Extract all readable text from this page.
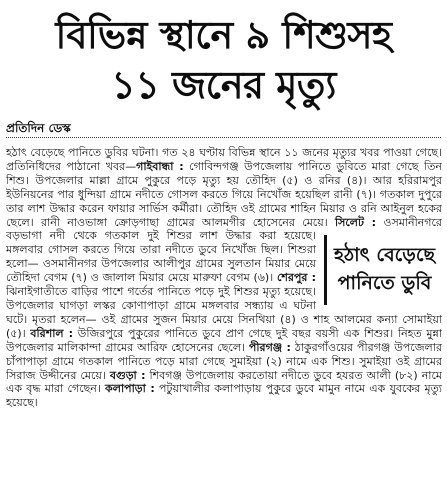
বিভিন্ন স্থানে ৯ শিশুসহ
১১ জনের মৃত্যু
প্রতিদিন ডেস্ক
হঠাৎ বেড়েছে পানিতে ডুবির ঘটনা। গত ২৪ ঘণ্টায় বিভিন্ন স্থানে ১১ জনের মৃত্যুর খবর পাওয়া গেছে। প্রতিনিধিদের পাঠানো খবর—গাইবান্ধা : গোবিন্দগঞ্জ উপজেলায় পানিতে ডুবিতে মারা গেছে তিন শিশু। উপজেলার মাল্লা গ্রামে পুকুরে পড়ে মৃত্যু হয় তৌহিদ (৫) ও রনির (৪)। আর হরিরামপুর ইউনিয়নের পার ধুন্দিয়া গ্রামে নদীতে গোসল করতে গিয়ে নিখোঁজ হয়েছিল রানী (৭)। গতকাল দুপুরে তার লাশ উদ্ধার করেন ফায়ার সার্ভিস কর্মীরা। তৌহিদ ওই গ্রামের শাহিন মিয়ার ও রনি আইনুল হকের ছেলে। রানী নাওভাঙ্গা ক্রোড়গাছা গ্রামের আলমগীর হোসেনের মেয়ে। সিলেট :
হঠাৎ বেড়েছে
পানিতে ডুবি
ওসমানীনগরে বড়ভাগা নদী থেকে গতকাল দুই শিশুর লাশ উদ্ধার করা হয়েছে। মঙ্গলবার গোসল করতে গিয়ে তারা নদীতে ডুবে নিখোঁজ ছিল। শিশুরা হলো— ওসমানীনগর উপজেলার আলীপুর গ্রামের সুলতান মিয়ার মেয়ে তৌহিদা বেগম (৭) ও জালাল মিয়ার মেয়ে মারুফা বেগম (৬)। শেরপুর : ঝিনাইগাতীতে বাড়ির পাশে গর্তের পানিতে পড়ে দুই শিশুর মৃত্যু হয়েছে। উপজেলার ঘাগড়া লস্কর কোণাপাড়া গ্রামে মঙ্গলবার সন্ধ্যায় এ ঘটনা ঘটে। মৃতরা হলেন— ওই গ্রামের সুজন মিয়ার মেয়ে সিনথিয়া (৪) ও শাহ আলমের কন্যা সোমাইয়া (৫)। বরিশাল : উজিরপুরে পুকুরের পানিতে ডুবে প্রাণ গেছে দুই বছর বয়সী এক শিশুর। নিহত মুন্না উপজেলার মালিকান্দা গ্রামের আরিফ হোসেনের ছেলে। পীরগঞ্জ : ঠাকুরগাঁওয়ের পীরগঞ্জ উপজেলার চাঁপাপাড়া গ্রামে গতকাল পানিতে পড়ে মারা গেছে সুমাইয়া (২) নামে এক শিশু। সুমাইয়া ওই গ্রামের সিরাজ উদ্দীনের মেয়ে। বগুড়া : শিবগঞ্জ উপজেলায় করতোয়া নদীতে ডুবে হযরত আলী (৮২) নামে এক বৃদ্ধ মারা গেছেন। কলাপাড়া : পটুয়াখালীর কলাপাড়ায় পুকুরে ডুবে মামুন নামে এক যুবকের মৃত্যু হয়েছে।
